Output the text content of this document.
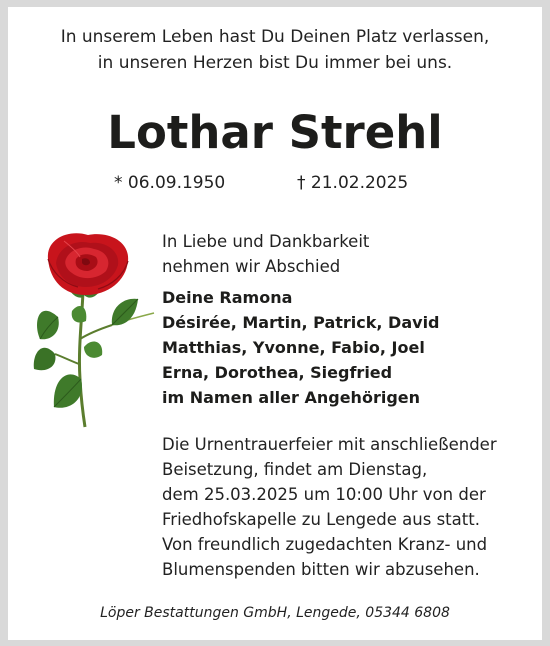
In unserem Leben hast Du Deinen Platz verlassen,
in unseren Herzen bist Du immer bei uns.
Lothar Strehl
* 06.09.1950	† 21.02.2025
In Liebe und Dankbarkeit
nehmen wir Abschied
Deine Ramona
Désirée, Martin, Patrick, David
Matthias, Yvonne, Fabio, Joel
Erna, Dorothea, Siegfried
im Namen aller Angehörigen
Die Urnentrauerfeier mit anschließender
Beisetzung, findet am Dienstag,
dem 25.03.2025 um 10:00 Uhr von der
Friedhofskapelle zu Lengede aus statt.
Von freundlich zugedachten Kranz- und
Blumenspenden bitten wir abzusehen.
Löper Bestattungen GmbH, Lengede, 05344 6808
